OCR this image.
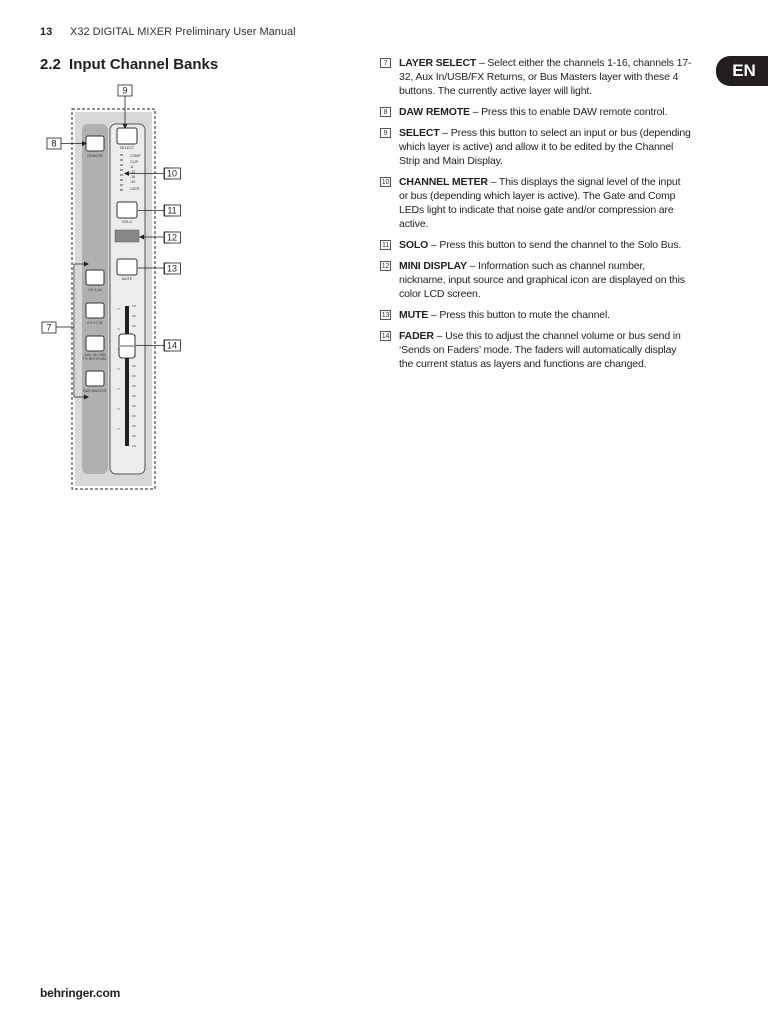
13 X32 DIGITAL MIXER Preliminary User Manual
2.2 Input Channel Banks	EN
REMOTE
CH 1-16
CH 17-32
AUX IN/ USB
FX RET/FXRD
BUS MASTER
SELECT
COMP
CLIP
-6
-12
-18
-30
GATE
SOLO
MUTE
7
8
9
10
11
12
13
14
7	LAYER SELECT – Select either the channels 1-16, channels 17-32, Aux In/USB/FX Returns, or Bus Masters layer with these 4 buttons. The currently active layer will light.
8	DAW REMOTE – Press this to enable DAW remote control.
9	SELECT – Press this button to select an input or bus (depending which layer is active) and allow it to be edited by the Channel Strip and Main Display.
10 CHANNEL METER – This displays the signal level of the input or bus (depending which layer is active). The Gate and Comp LEDs light to indicate that noise gate and/or compression are active.
11 SOLO – Press this button to send the channel to the Solo Bus.
12 MINI DISPLAY – Information such as channel number, nickname, input source and graphical icon are displayed on this color LCD screen.
13 MUTE – Press this button to mute the channel.
14 FADER – Use this to adjust the channel volume or bus send in ‘Sends on Faders’ mode. The faders will automatically display the current status as layers and functions are changed.
behringer.com
